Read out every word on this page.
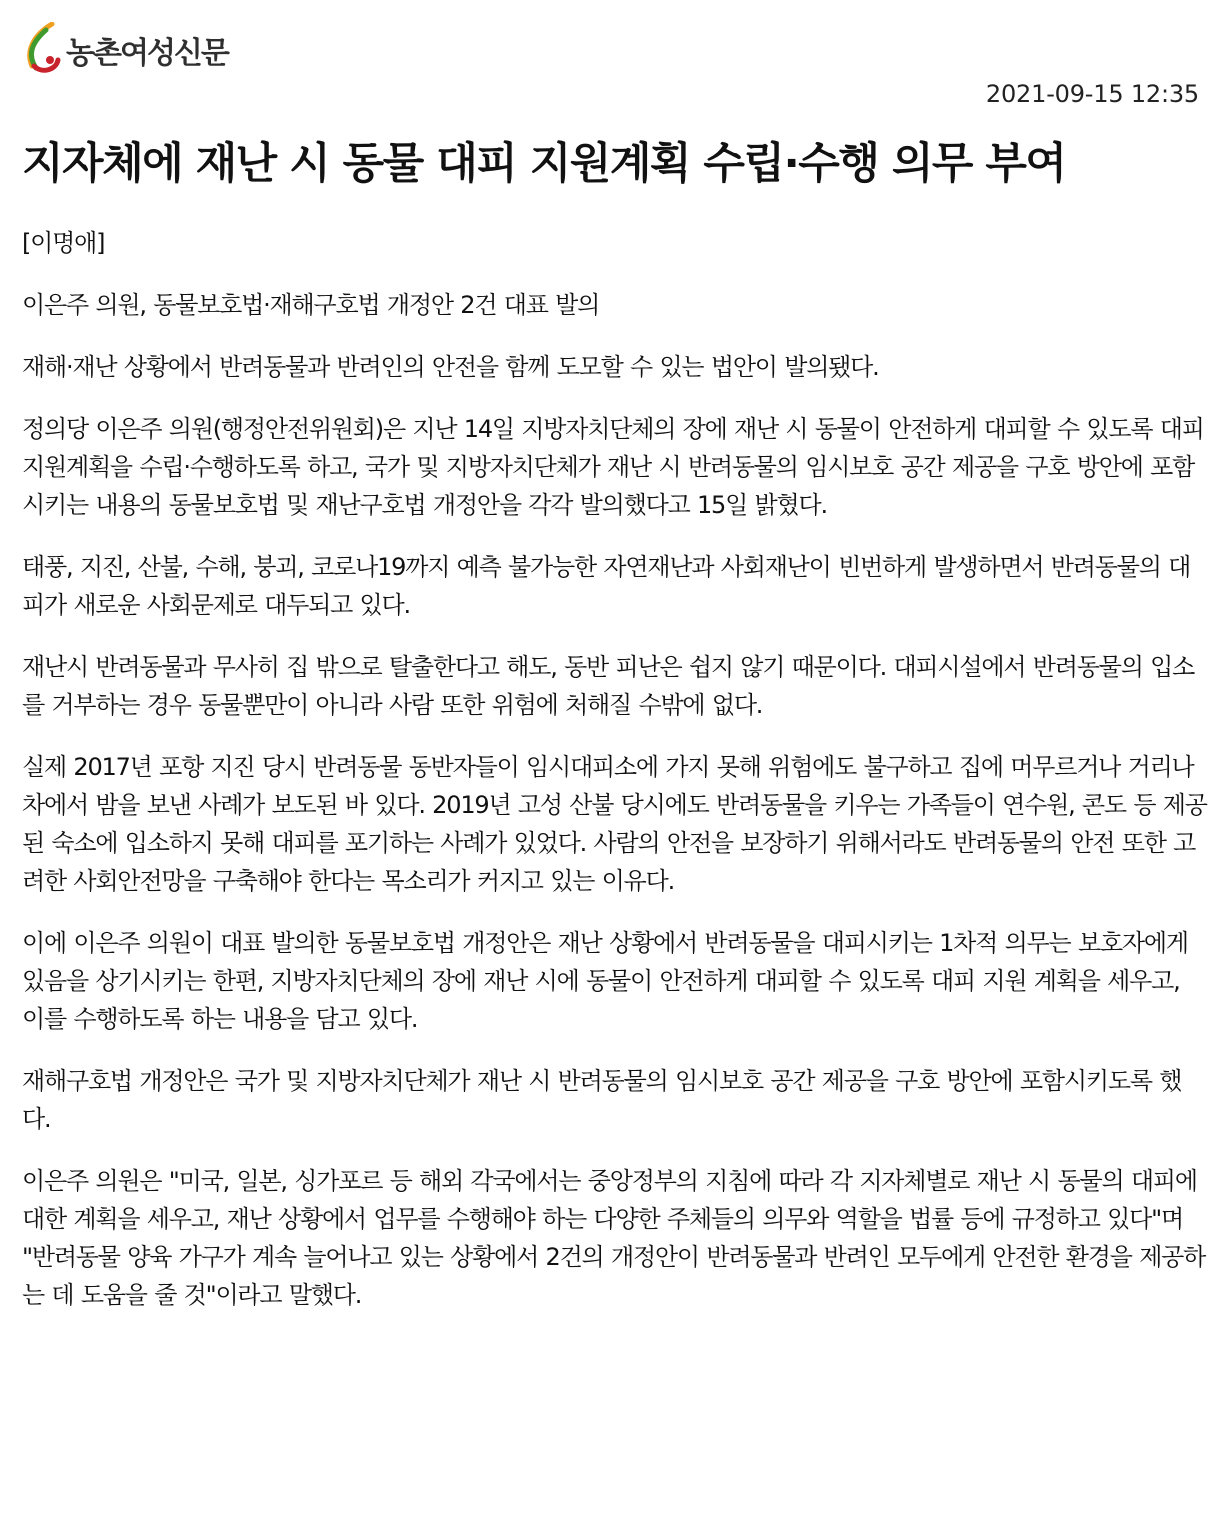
농촌여성신문
2021-09-15 12:35
지자체에 재난 시 동물 대피 지원계획 수립·수행 의무 부여

[이명애]

이은주 의원, 동물보호법·재해구호법 개정안 2건 대표 발의

재해·재난 상황에서 반려동물과 반려인의 안전을 함께 도모할 수 있는 법안이 발의됐다.

정의당 이은주 의원(행정안전위원회)은 지난 14일 지방자치단체의 장에 재난 시 동물이 안전하게 대피할 수 있도록 대피 지원계획을 수립·수행하도록 하고, 국가 및 지방자치단체가 재난 시 반려동물의 임시보호 공간 제공을 구호 방안에 포함 시키는 내용의 동물보호법 및 재난구호법 개정안을 각각 발의했다고 15일 밝혔다.

태풍, 지진, 산불, 수해, 붕괴, 코로나19까지 예측 불가능한 자연재난과 사회재난이 빈번하게 발생하면서 반려동물의 대피가 새로운 사회문제로 대두되고 있다.

재난시 반려동물과 무사히 집 밖으로 탈출한다고 해도, 동반 피난은 쉽지 않기 때문이다. 대피시설에서 반려동물의 입소를 거부하는 경우 동물뿐만이 아니라 사람 또한 위험에 처해질 수밖에 없다.

실제 2017년 포항 지진 당시 반려동물 동반자들이 임시대피소에 가지 못해 위험에도 불구하고 집에 머무르거나 거리나 차에서 밤을 보낸 사례가 보도된 바 있다. 2019년 고성 산불 당시에도 반려동물을 키우는 가족들이 연수원, 콘도 등 제공된 숙소에 입소하지 못해 대피를 포기하는 사례가 있었다. 사람의 안전을 보장하기 위해서라도 반려동물의 안전 또한 고려한 사회안전망을 구축해야 한다는 목소리가 커지고 있는 이유다.

이에 이은주 의원이 대표 발의한 동물보호법 개정안은 재난 상황에서 반려동물을 대피시키는 1차적 의무는 보호자에게 있음을 상기시키는 한편, 지방자치단체의 장에 재난 시에 동물이 안전하게 대피할 수 있도록 대피 지원 계획을 세우고, 이를 수행하도록 하는 내용을 담고 있다.

재해구호법 개정안은 국가 및 지방자치단체가 재난 시 반려동물의 임시보호 공간 제공을 구호 방안에 포함시키도록 했다.

이은주 의원은 "미국, 일본, 싱가포르 등 해외 각국에서는 중앙정부의 지침에 따라 각 지자체별로 재난 시 동물의 대피에 대한 계획을 세우고, 재난 상황에서 업무를 수행해야 하는 다양한 주체들의 의무와 역할을 법률 등에 규정하고 있다"며 "반려동물 양육 가구가 계속 늘어나고 있는 상황에서 2건의 개정안이 반려동물과 반려인 모두에게 안전한 환경을 제공하는 데 도움을 줄 것"이라고 말했다.
